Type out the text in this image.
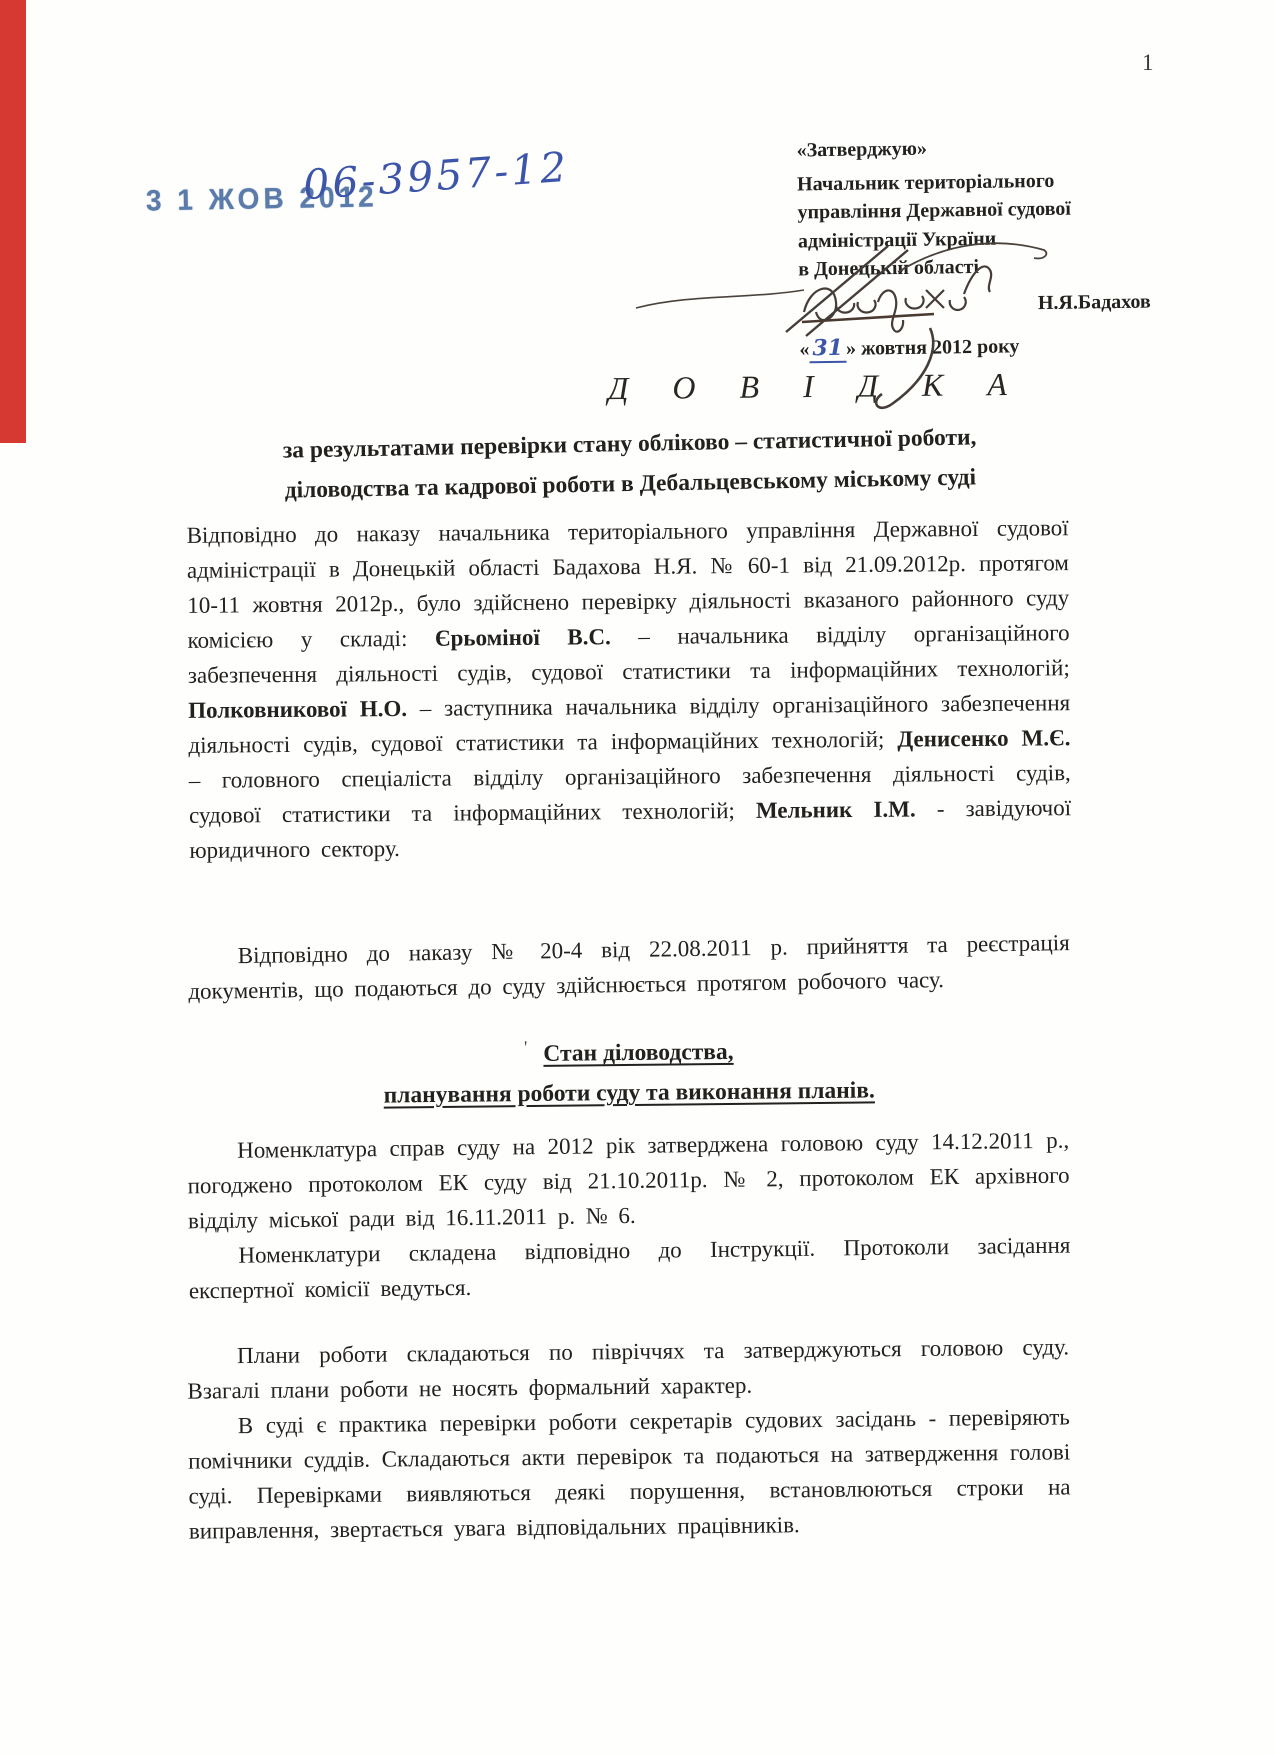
1
3 1 ЖОВ 2012
06-3957-12	«Затверджую»
Начальник територіального
управління Державної судової
адміністрації України
в Донецькій області
Н.Я.Бадахов
« 31 » жовтня 2012 року
Д О В І Д К А
за результатами перевірки стану обліково – статистичної роботи,
діловодства та кадрової роботи в Дебальцевському міському суді
Відповідно до наказу начальника територіального управління Державної судової адміністрації в Донецькій області Бадахова Н.Я. № 60-1 від 21.09.2012р. протягом 10-11 жовтня 2012р., було здійснено перевірку діяльності вказаного районного суду комісією у складі: Єрьоміної В.С. – начальника відділу організаційного забезпечення діяльності судів, судової статистики та інформаційних технологій; Полковникової Н.О. – заступника начальника відділу організаційного забезпечення діяльності судів, судової статистики та інформаційних технологій; Денисенко М.Є. – головного спеціаліста відділу організаційного забезпечення діяльності судів, судової статистики та інформаційних технологій; Мельник І.М. - завідуючої юридичного сектору.
Відповідно до наказу № 20-4 від 22.08.2011 р. прийняття та реєстрація документів, що подаються до суду здійснюється протягом робочого часу.
' Стан діловодства,
планування роботи суду та виконання планів.
Номенклатура справ суду на 2012 рік затверджена головою суду 14.12.2011 р., погоджено протоколом ЕК суду від 21.10.2011р. № 2, протоколом ЕК архівного відділу міської ради від 16.11.2011 р. № 6.
Номенклатури складена відповідно до Інструкції. Протоколи засідання експертної комісії ведуться.
Плани роботи складаються по півріччях та затверджуються головою суду. Взагалі плани роботи не носять формальний характер.
В суді є практика перевірки роботи секретарів судових засідань - перевіряють помічники суддів. Складаються акти перевірок та подаються на затвердження голові суді. Перевірками виявляються деякі порушення, встановлюються строки на виправлення, звертається увага відповідальних працівників.
